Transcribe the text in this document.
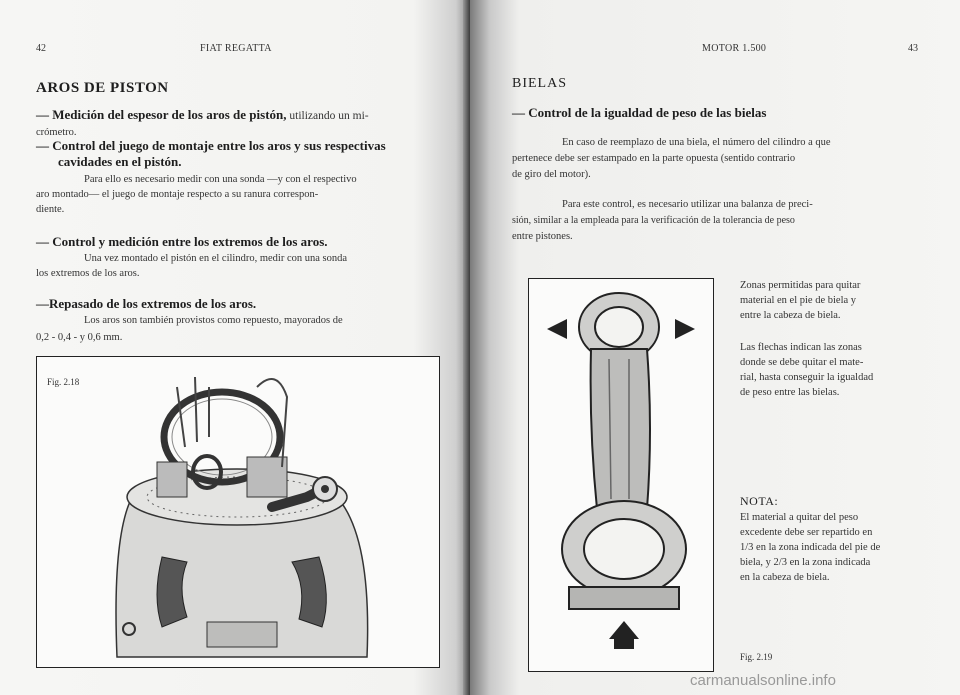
42	FIAT REGATTA
AROS DE PISTON
— Medición del espesor de los aros de pistón, utilizando un mi-
crómetro.
— Control del juego de montaje entre los aros y sus respectivas
cavidades en el pistón.
Para ello es necesario medir con una sonda —y con el respectivo
aro montado— el juego de montaje respecto a su ranura correspon-
diente.
— Control y medición entre los extremos de los aros.
Una vez montado el pistón en el cilindro, medir con una sonda
los extremos de los aros.
—Repasado de los extremos de los aros.
Los aros son también provistos como repuesto, mayorados de
0,2 - 0,4 - y 0,6 mm.
Fig. 2.18
MOTOR 1.500	43
BIELAS
— Control de la igualdad de peso de las bielas
En caso de reemplazo de una biela, el número del cilindro a que
pertenece debe ser estampado en la parte opuesta (sentido contrario
de giro del motor).
Para este control, es necesario utilizar una balanza de preci-
sión, similar a la empleada para la verificación de la tolerancia de peso
entre pistones.
Zonas permitidas para quitar
material en el pie de biela y
entre la cabeza de biela.
Las flechas indican las zonas
donde se debe quitar el mate-
rial, hasta conseguir la igualdad
de peso entre las bielas.
NOTA:
El material a quitar del peso
excedente debe ser repartido en
1/3 en la zona indicada del pie de
biela, y 2/3 en la zona indicada
en la cabeza de biela.
Fig. 2.19
carmanualsonline.info
